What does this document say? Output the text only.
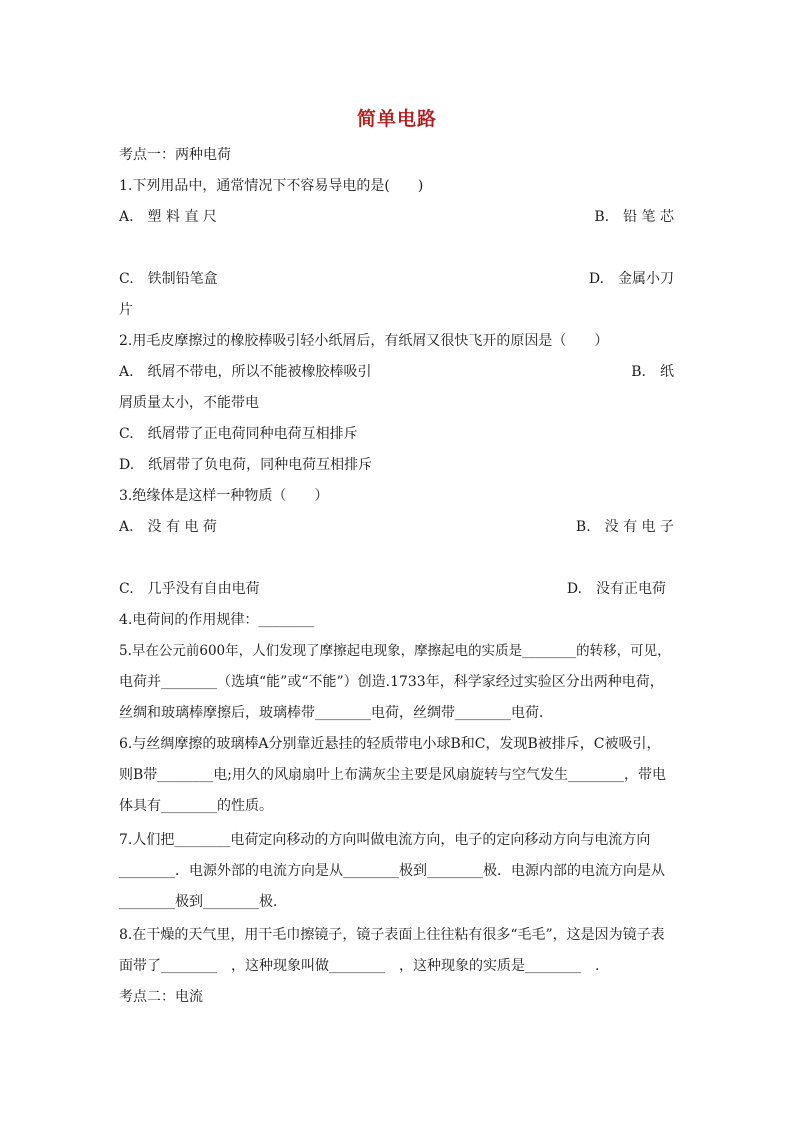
简单电路
考点一：两种电荷
1.下列用品中，通常情况下不容易导电的是(　　)
A.　塑 料 直 尺	B.　铅 笔 芯
C.　铁制铅笔盒	D.　金属小刀
片
2.用毛皮摩擦过的橡胶棒吸引轻小纸屑后，有纸屑又很快飞开的原因是（　　）
A.　纸屑不带电，所以不能被橡胶棒吸引	B.　纸
屑质量太小，不能带电
C.　纸屑带了正电荷同种电荷互相排斥
D.　纸屑带了负电荷，同种电荷互相排斥
3.绝缘体是这样一种物质（　　）
A.　没 有 电 荷	B.　没 有 电 子
C.　几乎没有自由电荷	D.　没有正电荷
4.电荷间的作用规律：________
5.早在公元前600年，人们发现了摩擦起电现象，摩擦起电的实质是________的转移，可见，
电荷并________（选填“能”或“不能”）创造.1733年，科学家经过实验区分出两种电荷，
丝绸和玻璃棒摩擦后，玻璃棒带________电荷，丝绸带________电荷．
6.与丝绸摩擦的玻璃棒A分别靠近悬挂的轻质带电小球B和C，发现B被排斥，C被吸引，
则B带________电;用久的风扇扇叶上布满灰尘主要是风扇旋转与空气发生________，带电
体具有________的性质。
7.人们把________电荷定向移动的方向叫做电流方向，电子的定向移动方向与电流方向
________．电源外部的电流方向是从________极到________极．电源内部的电流方向是从
________极到________极．
8.在干燥的天气里，用干毛巾擦镜子，镜子表面上往往粘有很多“毛毛”，这是因为镜子表
面带了________　，这种现象叫做________　，这种现象的实质是________　.
考点二：电流
